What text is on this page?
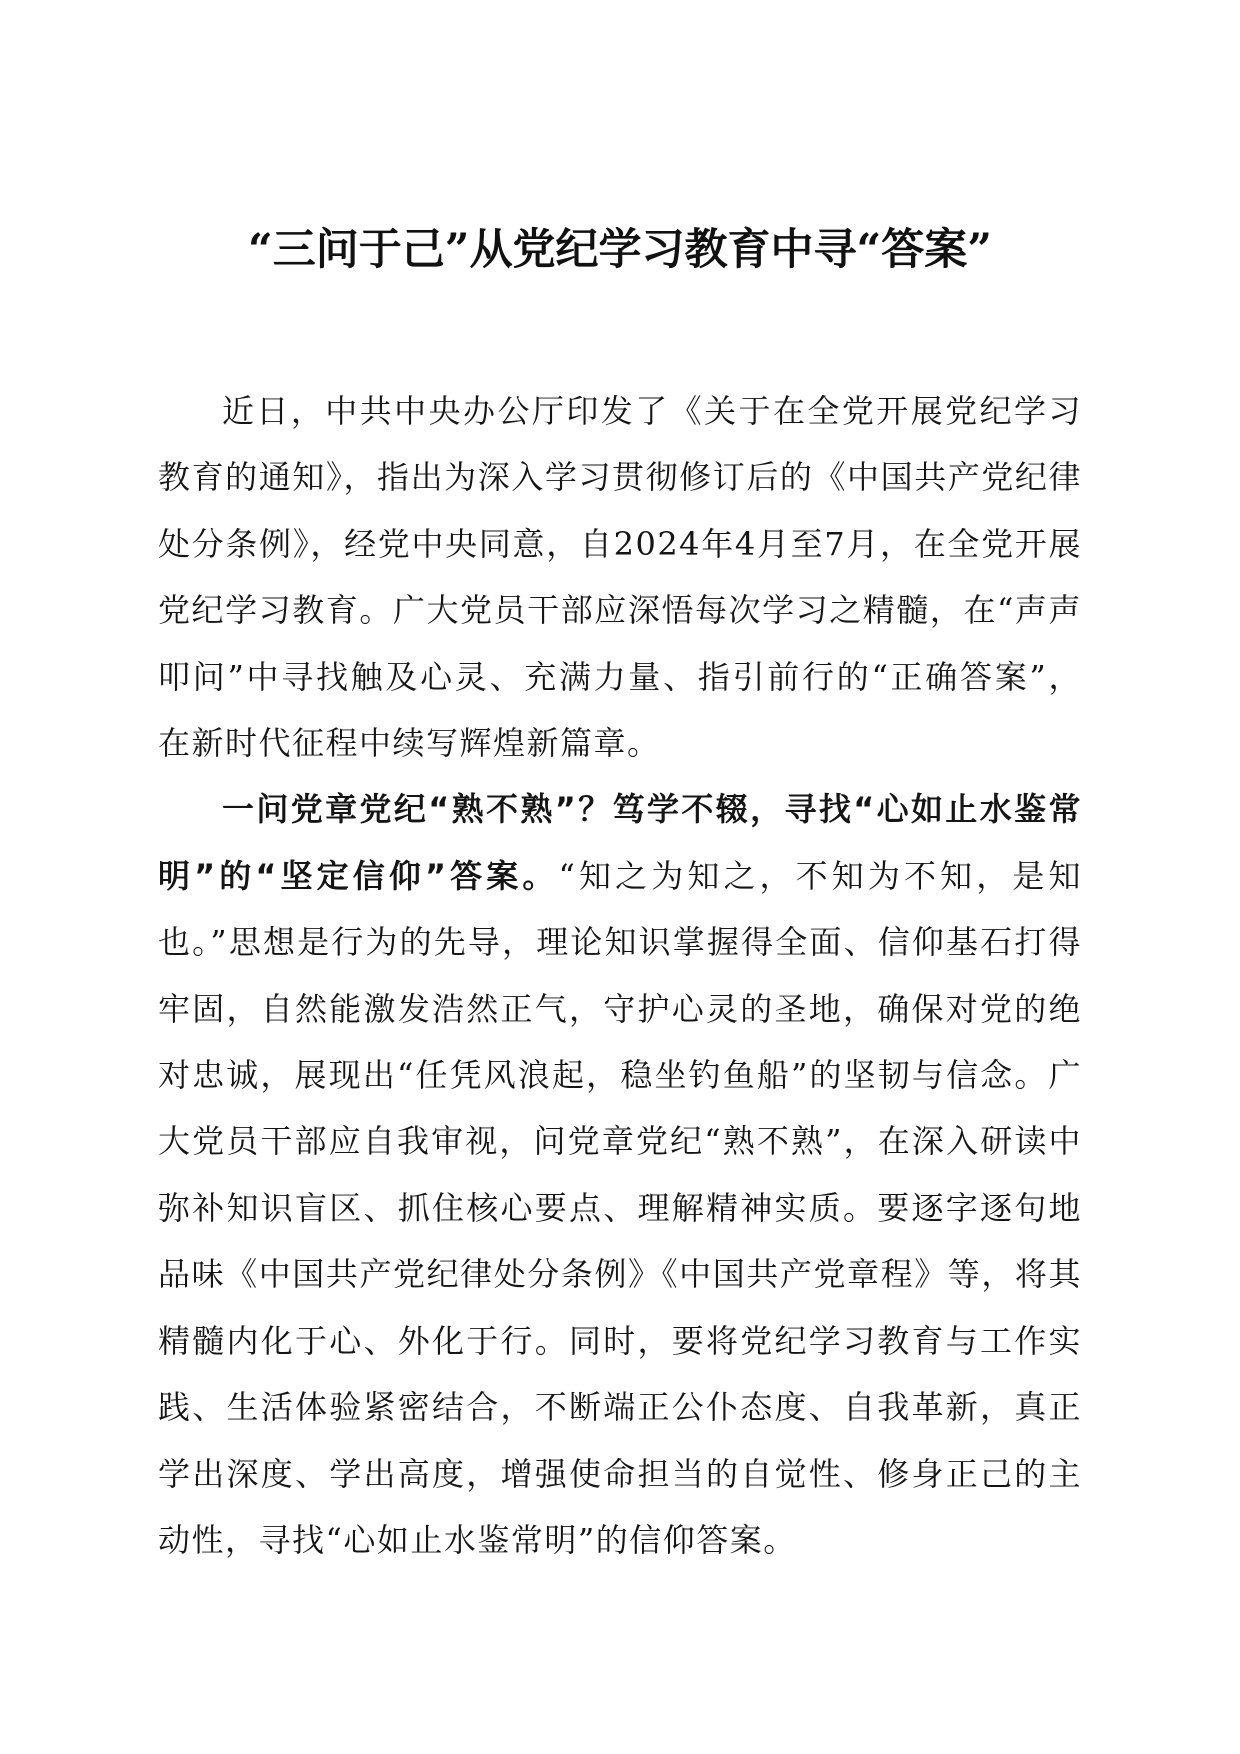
“三问于己”从党纪学习教育中寻“答案”

近日，中共中央办公厅印发了《关于在全党开展党纪学习教育的通知》，指出为深入学习贯彻修订后的《中国共产党纪律处分条例》，经党中央同意，自2024年4月至7月，在全党开展党纪学习教育。广大党员干部应深悟每次学习之精髓，在“声声叩问”中寻找触及心灵、充满力量、指引前行的“正确答案”，在新时代征程中续写辉煌新篇章。

一问党章党纪“熟不熟”？笃学不辍，寻找“心如止水鉴常明”的“坚定信仰”答案。“知之为知之，不知为不知，是知也。”思想是行为的先导，理论知识掌握得全面、信仰基石打得牢固，自然能激发浩然正气，守护心灵的圣地，确保对党的绝对忠诚，展现出“任凭风浪起，稳坐钓鱼船”的坚韧与信念。广大党员干部应自我审视，问党章党纪“熟不熟”，在深入研读中弥补知识盲区、抓住核心要点、理解精神实质。要逐字逐句地品味《中国共产党纪律处分条例》《中国共产党章程》等，将其精髓内化于心、外化于行。同时，要将党纪学习教育与工作实践、生活体验紧密结合，不断端正公仆态度、自我革新，真正学出深度、学出高度，增强使命担当的自觉性、修身正己的主动性，寻找“心如止水鉴常明”的信仰答案。
